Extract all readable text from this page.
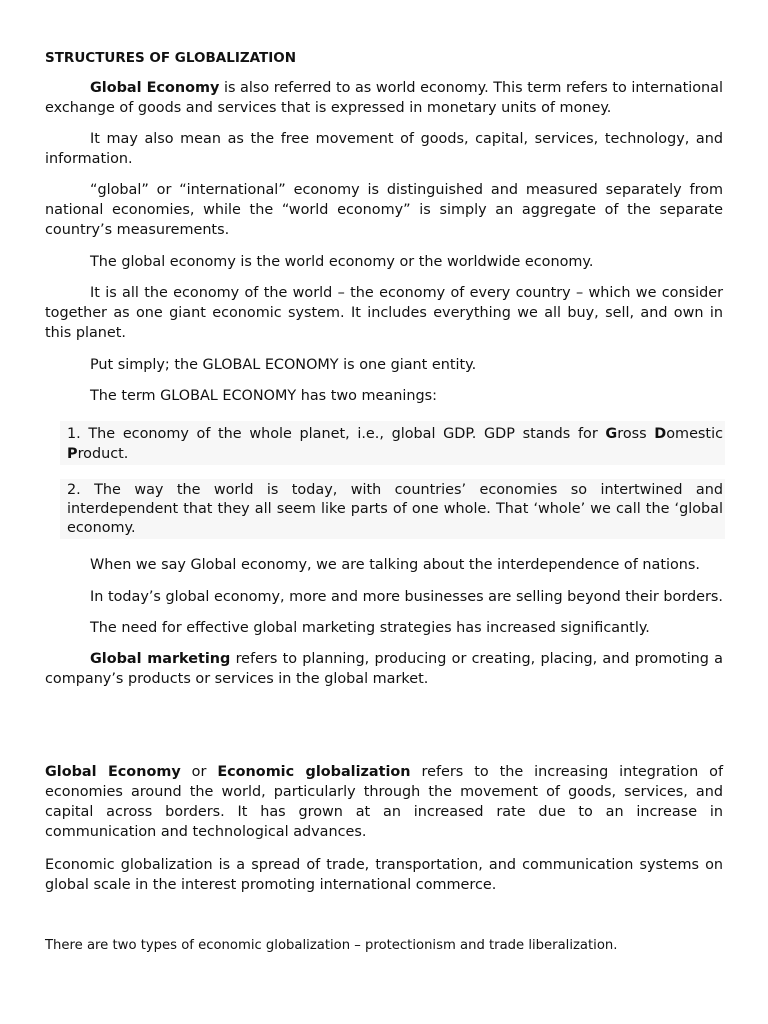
STRUCTURES OF GLOBALIZATION

Global Economy is also referred to as world economy. This term refers to international exchange of goods and services that is expressed in monetary units of money.

It may also mean as the free movement of goods, capital, services, technology, and information.

“global” or “international” economy is distinguished and measured separately from national economies, while the “world economy” is simply an aggregate of the separate country’s measurements.

The global economy is the world economy or the worldwide economy.

It is all the economy of the world – the economy of every country – which we consider together as one giant economic system. It includes everything we all buy, sell, and own in this planet.

Put simply; the GLOBAL ECONOMY is one giant entity.

The term GLOBAL ECONOMY has two meanings:

1. The economy of the whole planet, i.e., global GDP. GDP stands for Gross Domestic Product.

2. The way the world is today, with countries’ economies so intertwined and interdependent that they all seem like parts of one whole. That ‘whole’ we call the ‘global economy.

When we say Global economy, we are talking about the interdependence of nations.

In today’s global economy, more and more businesses are selling beyond their borders.

The need for effective global marketing strategies has increased significantly.

Global marketing refers to planning, producing or creating, placing, and promoting a company’s products or services in the global market.

Global Economy or Economic globalization refers to the increasing integration of economies around the world, particularly through the movement of goods, services, and capital across borders. It has grown at an increased rate due to an increase in communication and technological advances.

Economic globalization is a spread of trade, transportation, and communication systems on global scale in the interest promoting international commerce.

There are two types of economic globalization – protectionism and trade liberalization.
